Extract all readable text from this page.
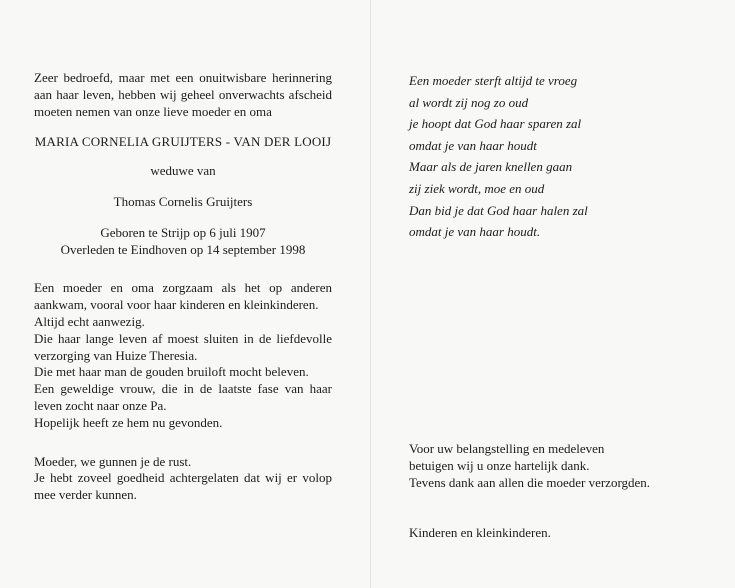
Zeer bedroefd, maar met een onuitwisbare herinnering aan haar leven, hebben wij geheel onverwachts afscheid moeten nemen van onze lieve moeder en oma

MARIA CORNELIA GRUIJTERS - VAN DER LOOIJ

weduwe van

Thomas Cornelis Gruijters

Geboren te Strijp op 6 juli 1907

Overleden te Eindhoven op 14 september 1998

Een moeder en oma zorgzaam als het op anderen aankwam, vooral voor haar kinderen en kleinkinderen.

Altijd echt aanwezig.

Die haar lange leven af moest sluiten in de liefdevolle verzorging van Huize Theresia.

Die met haar man de gouden bruiloft mocht beleven.

Een geweldige vrouw, die in de laatste fase van haar leven zocht naar onze Pa.

Hopelijk heeft ze hem nu gevonden.

Moeder, we gunnen je de rust.

Je hebt zoveel goedheid achtergelaten dat wij er volop mee verder kunnen.

Een moeder sterft altijd te vroeg
al wordt zij nog zo oud
je hoopt dat God haar sparen zal
omdat je van haar houdt
Maar als de jaren knellen gaan
zij ziek wordt, moe en oud
Dan bid je dat God haar halen zal
omdat je van haar houdt.
Voor uw belangstelling en medeleven
betuigen wij u onze hartelijk dank.
Tevens dank aan allen die moeder verzorgden.
Kinderen en kleinkinderen.
